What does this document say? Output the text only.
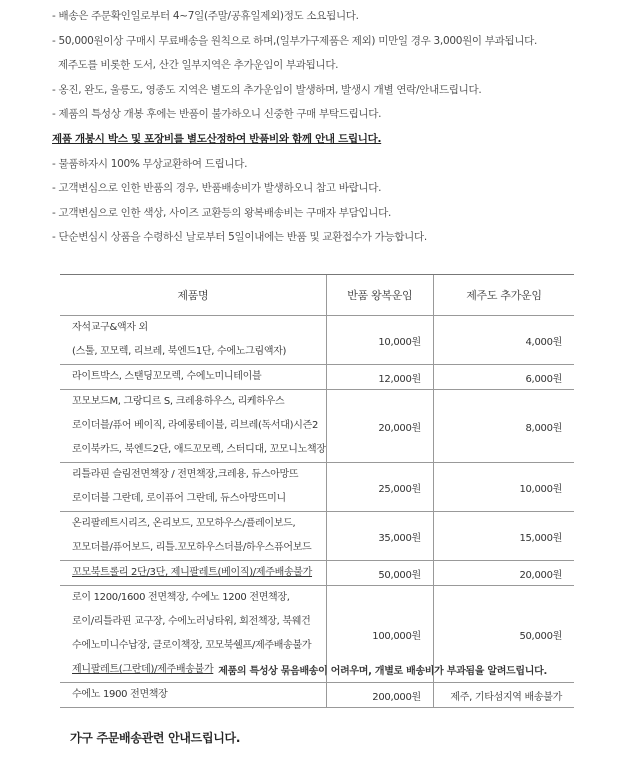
- 배송은 주문확인일로부터 4~7일(주말/공휴일제외)정도 소요됩니다.
- 50,000원이상 구매시 무료배송을 원칙으로 하며,(일부가구제품은 제외) 미만일 경우 3,000원이 부과됩니다.
제주도를 비롯한 도서, 산간 일부지역은 추가운임이 부과됩니다.
- 옹진, 완도, 울릉도, 영종도 지역은 별도의 추가운임이 발생하며, 발생시 개별 연락/안내드립니다.
- 제품의 특성상 개봉 후에는 반품이 불가하오니 신중한 구매 부탁드립니다.
제품 개봉시 박스 및 포장비를 별도산정하여 반품비와 함께 안내 드립니다.
- 물품하자시 100% 무상교환하여 드립니다.
- 고객변심으로 인한 반품의 경우, 반품배송비가 발생하오니 참고 바랍니다.
- 고객변심으로 인한 색상, 사이즈 교환등의 왕복배송비는 구매자 부담입니다.
- 단순변심시 상품을 수령하신 날로부터 5일이내에는 반품 및 교환접수가 가능합니다.
제품명	반품 왕복운임	제주도 추가운임

자석교구&액자 외
(스툴, 꼬모렉, 리브레, 북엔드1단, 수에노그림액자)	10,000원	4,000원

라이트박스, 스탠딩꼬모렉, 수에노미니테이블	12,000원	6,000원

꼬모보드M, 그랑디르 S, 크레용하우스, 리케하우스
로이더블/퓨어 베이직, 라예롱테이블, 리브레(독서대)시즌2
로이북카드, 북엔드2단, 애드꼬모렉, 스터디대, 꼬모니노책장	20,000원	8,000원

리틀라핀 슬림전면책장 / 전면책장,크레용, 듀스아망뜨
로이더블 그란데, 로이퓨어 그란데, 듀스아망뜨미니	25,000원	10,000원

온리팔레트시리즈, 온리보드, 꼬모하우스/플레이보드,
꼬모더블/퓨어보드, 리틀.꼬모하우스더블/하우스퓨어보드	35,000원	15,000원

꼬모북트롤리 2단/3단, 제니팔레트(베이직)/제주배송불가	50,000원	20,000원

로이 1200/1600 전면책장, 수에노 1200 전면책장,
로이/리틀라핀 교구장, 수에노러닝타워, 회전책장, 북웨건
수에노미니수납장, 클로이책장, 꼬모북쉘프/제주배송불가
제니팔레트(그란데)/제주배송불가	100,000원	50,000원

수에노 1900 전면책장	200,000원	제주, 기타섬지역 배송불가
제품의 특성상 묶음배송이 어려우며, 개별로 배송비가 부과됨을 알려드립니다.
가구 주문배송관련 안내드립니다.
